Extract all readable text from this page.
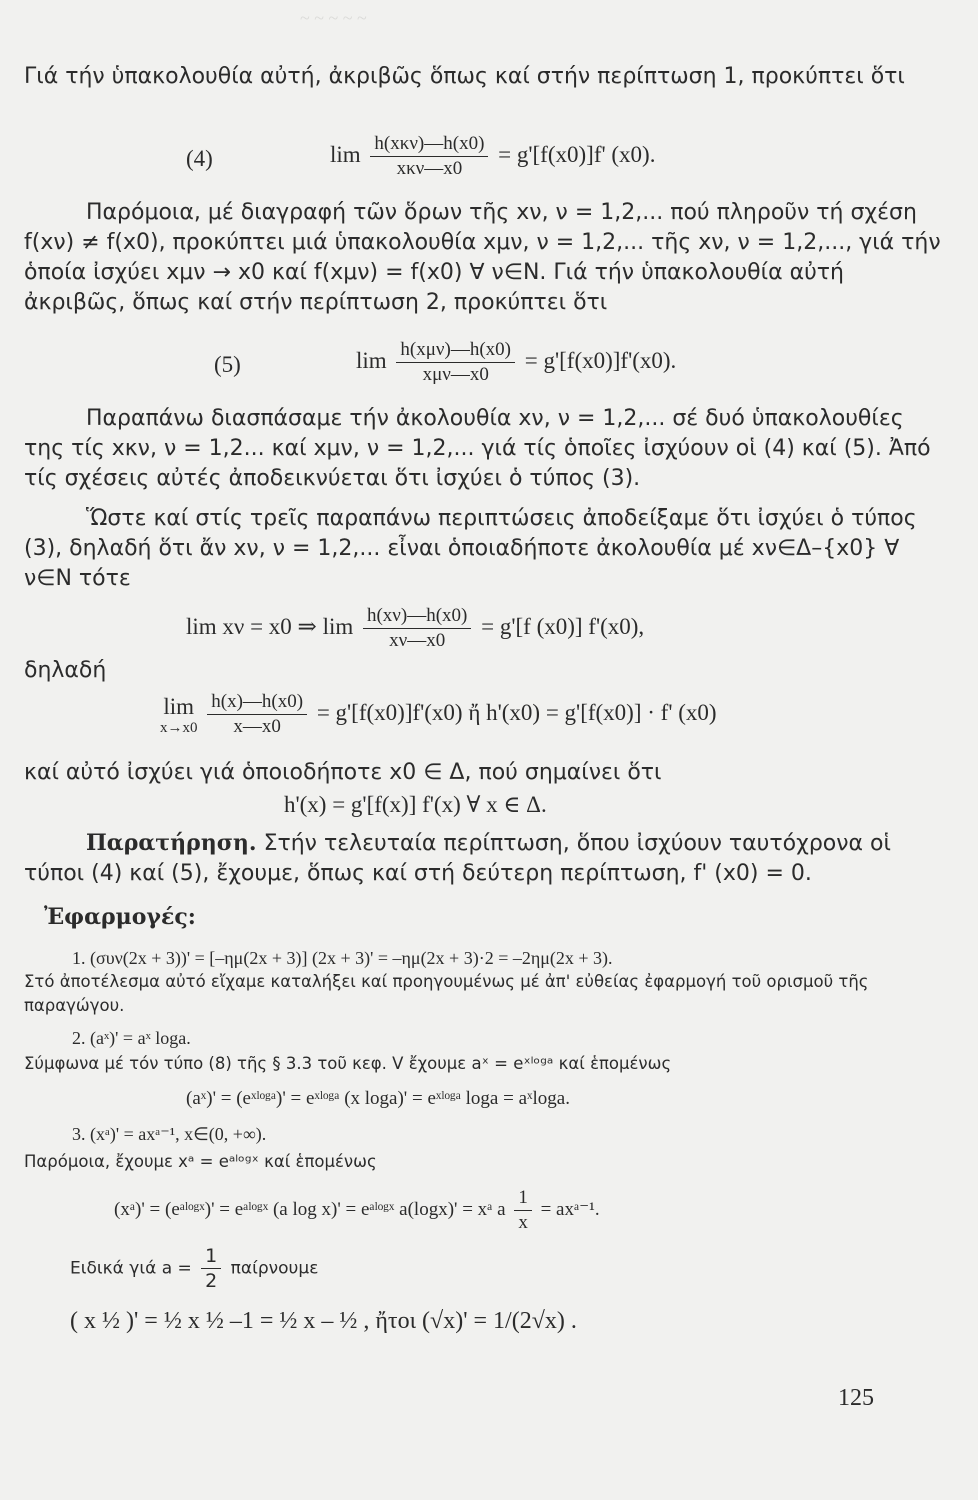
~ ~ ~ ~ ~
Γιά τήν ὑπακολουθία αὐτή, ἀκριβῶς ὅπως καί στήν περίπτωση 1, προκύπτει ὅτι
(4)	$\lim \frac{\text{h(xκν)—h(x0)}}{\text{xκν—x0}} = g'[f(x0)]f'$ (x0).
Παρόμοια, μέ διαγραφή τῶν ὅρων τῆς xν, ν = 1,2,... πού πληροῦν τή σχέση f(xν) ≠ f(x0), προκύπτει μιά ὑπακολουθία xμν, ν = 1,2,... τῆς xν, ν = 1,2,..., γιά τήν ὁποία ἰσχύει xμν → x0 καί f(xμν) = f(x0) ∀ ν∈N. Γιά τήν ὑπακολουθία αὐτή ἀκριβῶς, ὅπως καί στήν περίπτωση 2, προκύπτει ὅτι
(5)	$\lim \frac{\text{h(xμν)—h(x0)}}{\text{xμν—x0}} = g'[f(x0)]f'(x0)$.
Παραπάνω διασπάσαμε τήν ἀκολουθία xν, ν = 1,2,... σέ δυό ὑπακολουθίες της τίς xκν, ν = 1,2... καί xμν, ν = 1,2,... γιά τίς ὁποῖες ἰσχύουν οἱ (4) καί (5). Ἀπό τίς σχέσεις αὐτές ἀποδεικνύεται ὅτι ἰσχύει ὁ τύπος (3).
Ὥστε καί στίς τρεῖς παραπάνω περιπτώσεις ἀποδείξαμε ὅτι ἰσχύει ὁ τύπος (3), δηλαδή ὅτι ἄν xν, ν = 1,2,... εἶναι ὁποιαδήποτε ἀκολουθία μέ xν∈Δ–{x0} ∀ ν∈N τότε
lim xν = x0 ⇒ $\lim \frac{h(x\nu)—h(x0)}{x\nu—x0} = g'[f$ (x0)] f'(x0),
δηλαδή
lim
x→x0
$\frac{h(x)—h(x0)}{x—x0} = g'[f(x0)]f'(x0)$ ἤ h'(x0) = g'[f(x0)] · f' (x0)
καί αὐτό ἰσχύει γιά ὁποιοδήποτε x0 ∈ Δ, πού σημαίνει ὅτι
h'(x) = g'[f(x)] f'(x) ∀ x ∈ Δ.
Παρατήρηση. Στήν τελευταία περίπτωση, ὅπου ἰσχύουν ταυτόχρονα οἱ τύποι (4) καί (5), ἔχουμε, ὅπως καί στή δεύτερη περίπτωση, f' (x0) = 0.
Ἐφαρμογές:
1. (συν(2x + 3))' = [–ημ(2x + 3)] (2x + 3)' = –ημ(2x + 3)·2 = –2ημ(2x + 3).
Στό ἀποτέλεσμα αὐτό εἴχαμε καταλήξει καί προηγουμένως μέ ἀπ' εὐθείας ἐφαρμογή τοῦ ορισμοῦ τῆς παραγώγου.
2. (aˣ)' = aˣ loga.
Σύμφωνα μέ τόν τύπο (8) τῆς § 3.3 τοῦ κεφ. V ἔχουμε aˣ = eˣˡᵒᵍᵃ καί ἑπομένως
(aˣ)' = (eˣˡᵒᵍᵃ)' = eˣˡᵒᵍᵃ (x loga)' = eˣˡᵒᵍᵃ loga = aˣloga.
3. (xᵃ)' = axᵃ⁻¹, x∈(0, +∞).
Παρόμοια, ἔχουμε xᵃ = eᵃˡᵒᵍˣ καί ἑπομένως
(xᵃ)' = (eᵃˡᵒᵍˣ)' = eᵃˡᵒᵍˣ (a log x)' = eᵃˡᵒᵍˣ a(logx)' = xᵃ a $\frac{1}{x}$ = axᵃ⁻¹.
Ειδικά γιά $a = \frac{1}{2}$ παίρνουμε
( x ½ )' = ½ x ½ –1 = ½ x – ½ , ἤτοι (√x)' = 1/(2√x) .
125
